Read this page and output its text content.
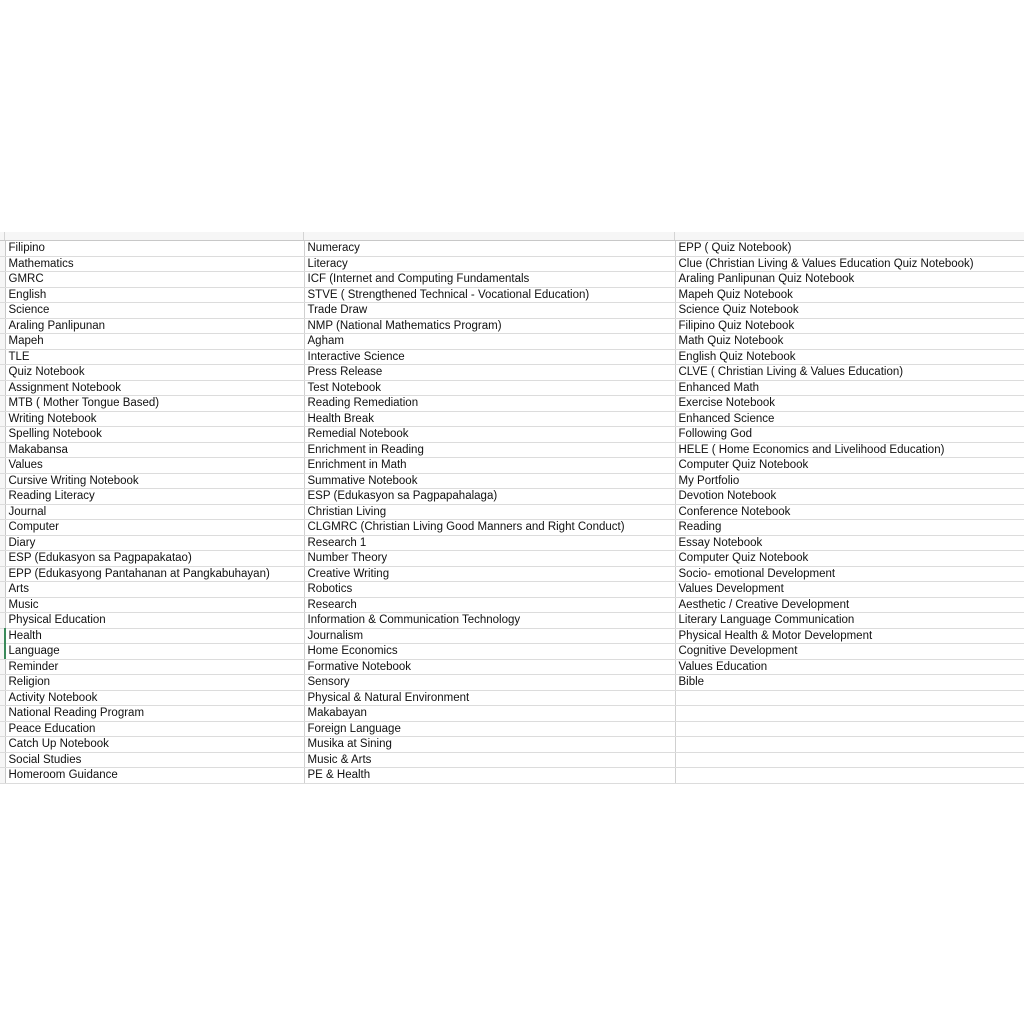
	Filipino	Numeracy	EPP ( Quiz Notebook)
	Mathematics	Literacy	Clue (Christian Living & Values Education Quiz Notebook)
	GMRC	ICF (Internet and Computing Fundamentals	Araling Panlipunan Quiz Notebook
	English	STVE ( Strengthened Technical - Vocational Education)	Mapeh Quiz Notebook
	Science	Trade Draw	Science Quiz Notebook
	Araling Panlipunan	NMP (National Mathematics Program)	Filipino Quiz Notebook
	Mapeh	Agham	Math Quiz Notebook
	TLE	Interactive Science	English Quiz Notebook
	Quiz Notebook	Press Release	CLVE ( Christian Living & Values Education)
	Assignment Notebook	Test Notebook	Enhanced Math
	MTB ( Mother Tongue Based)	Reading Remediation	Exercise Notebook
	Writing Notebook	Health Break	Enhanced Science
	Spelling Notebook	Remedial Notebook	Following God
	Makabansa	Enrichment in Reading	HELE ( Home Economics and Livelihood Education)
	Values	Enrichment in Math	Computer Quiz Notebook
	Cursive Writing Notebook	Summative Notebook	My Portfolio
	Reading Literacy	ESP (Edukasyon sa Pagpapahalaga)	Devotion Notebook
	Journal	Christian Living	Conference Notebook
	Computer	CLGMRC (Christian Living Good Manners and Right Conduct)	Reading
	Diary	Research 1	Essay Notebook
	ESP (Edukasyon sa Pagpapakatao)	Number Theory	Computer Quiz Notebook
	EPP (Edukasyong Pantahanan at Pangkabuhayan)	Creative Writing	Socio- emotional Development
	Arts	Robotics	Values Development
	Music	Research	Aesthetic / Creative Development
	Physical Education	Information & Communication Technology	Literary Language Communication
	Health	Journalism	Physical Health & Motor Development
	Language	Home Economics	Cognitive Development
	Reminder	Formative Notebook	Values Education
	Religion	Sensory	Bible
	Activity Notebook	Physical & Natural Environment	
	National Reading Program	Makabayan	
	Peace Education	Foreign Language	
	Catch Up Notebook	Musika at Sining	
	Social Studies	Music & Arts	
	Homeroom Guidance	PE & Health	
